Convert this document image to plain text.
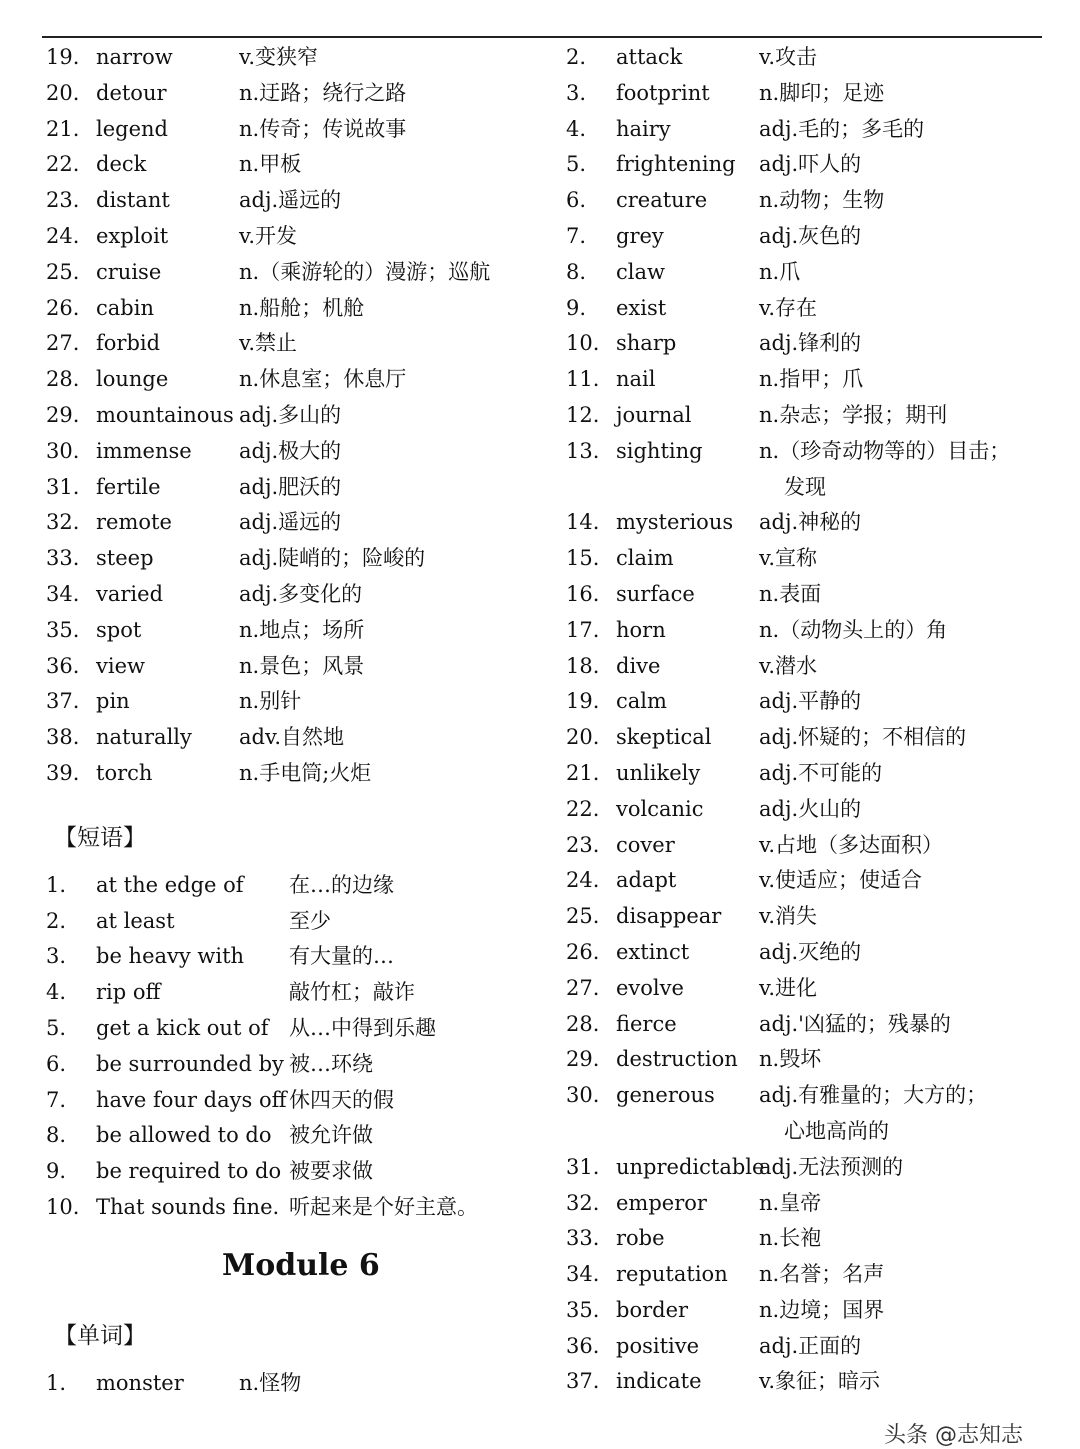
19. narrow	v.变狭窄
20. detour	n.迂路；绕行之路
21. legend	n.传奇；传说故事
22. deck	n.甲板
23. distant	adj.遥远的
24. exploit	v.开发
25. cruise	n.（乘游轮的）漫游；巡航
26. cabin	n.船舱；机舱
27. forbid	v.禁止
28. lounge	n.休息室；休息厅
29. mountainous adj.多山的
30. immense adj.极大的
31. fertile	adj.肥沃的
32. remote	adj.遥远的
33. steep	adj.陡峭的；险峻的
34. varied	adj.多变化的
35. spot	n.地点；场所
36. view	n.景色；风景
37. pin	n.别针
38. naturally adv.自然地
39. torch	n.手电筒;火炬
【短语】
1. at the edge of 在…的边缘
2. at least	至少
3. be heavy with 有大量的…
4. rip off	敲竹杠；敲诈
5. get a kick out of 从…中得到乐趣
6. be surrounded by 被…环绕
7. have four days off 休四天的假
8. be allowed to do 被允许做
9. be required to do 被要求做
10. That sounds fine. 听起来是个好主意。
Module 6
【单词】
1. monster	n.怪物
2. attack	v.攻击
3. footprint n.脚印；足迹
4. hairy	adj.毛的；多毛的
5. frightening adj.吓人的
6. creature n.动物；生物
7. grey	adj.灰色的
8. claw	n.爪
9. exist	v.存在
10. sharp	adj.锋利的
11. nail	n.指甲；爪
12. journal	n.杂志；学报；期刊
13. sighting	n.（珍奇动物等的）目击；
发现
14. mysterious adj.神秘的
15. claim	v.宣称
16. surface	n.表面
17. horn	n.（动物头上的）角
18. dive	v.潜水
19. calm	adj.平静的
20. skeptical adj.怀疑的；不相信的
21. unlikely	adj.不可能的
22. volcanic	adj.火山的
23. cover	v.占地（多达面积）
24. adapt	v.使适应；使适合
25. disappear v.消失
26. extinct	adj.灭绝的
27. evolve	v.进化
28. fierce	adj.'凶猛的；残暴的
29. destruction n.毁坏
30. generous adj.有雅量的；大方的；
心地高尚的
31. unpredictable
adj.无法预测的
32. emperor n.皇帝
33. robe	n.长袍
34. reputation n.名誉；名声
35. border	n.边境；国界
36. positive	adj.正面的
37. indicate	v.象征；暗示
头条 @志知志
